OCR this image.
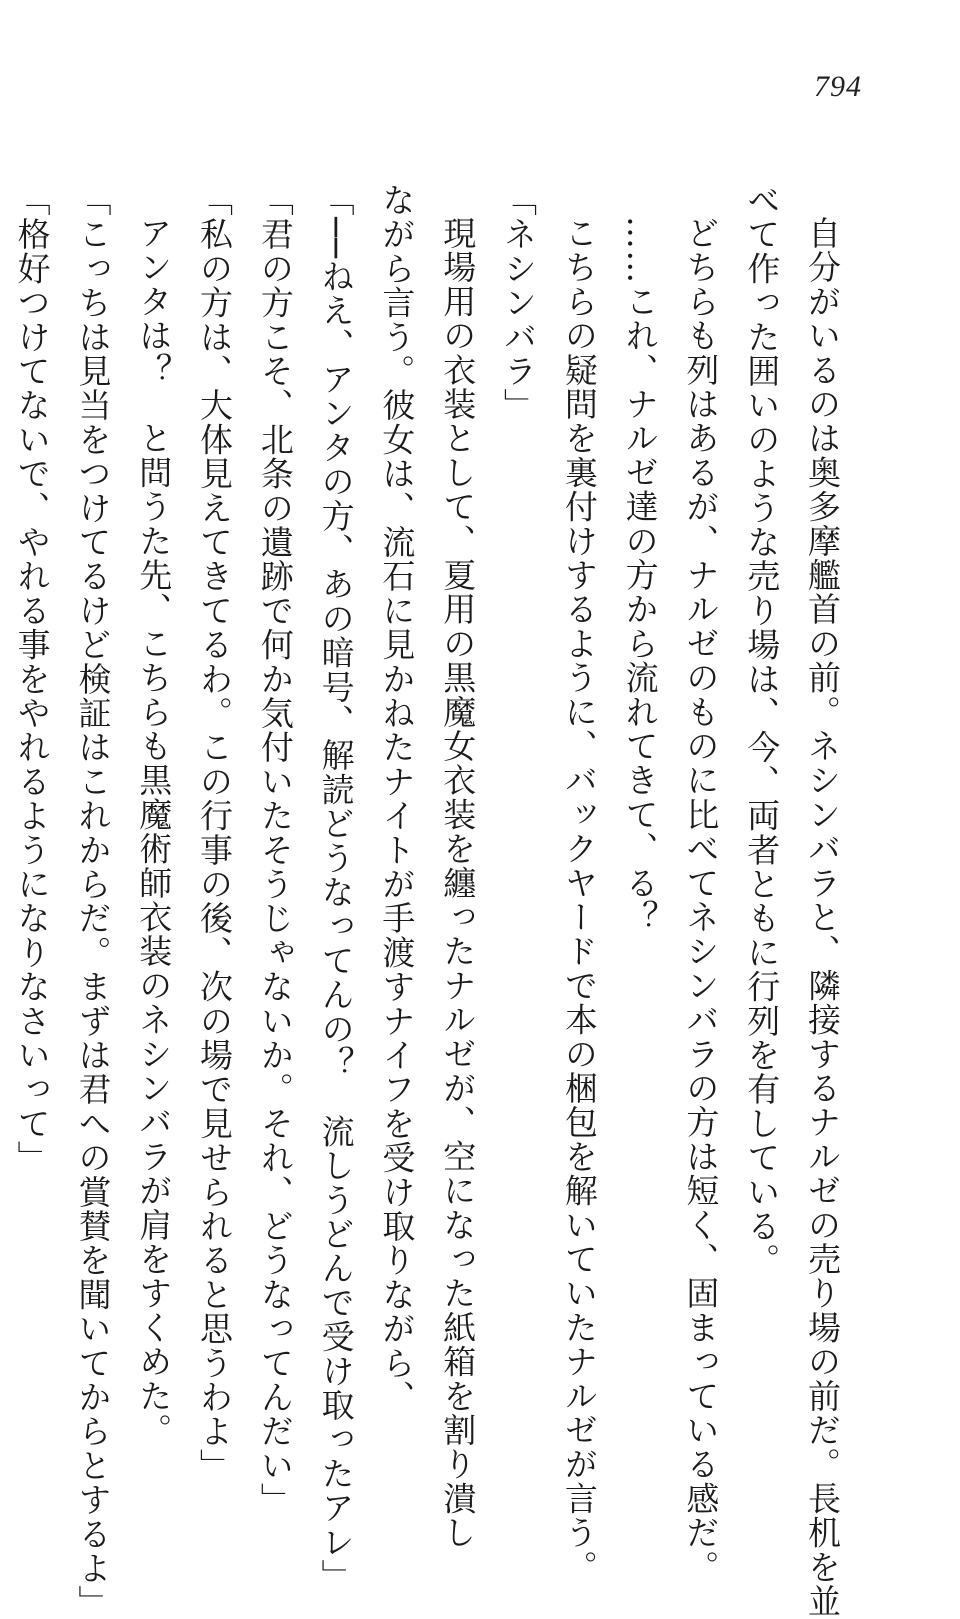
794
自分がいるのは奥多摩艦首の前。ネシンバラと、隣接するナルゼの売り場の前だ。長机を並
べて作った囲いのような売り場は、今、両者ともに行列を有している。
どちらも列はあるが、ナルゼのものに比べてネシンバラの方は短く、固まっている感だ。
……これ、ナルゼ達の方から流れてきて、る？
こちらの疑問を裏付けするように、バックヤードで本の梱包を解いていたナルゼが言う。
「ネシンバラ」
現場用の衣装として、夏用の黒魔女衣装を纏ったナルゼが、空になった紙箱を割り潰し
ながら言う。彼女は、流石に見かねたナイトが手渡すナイフを受け取りながら、
「──ねえ、アンタの方、あの暗号、解読どうなってんの？　流しうどんで受け取ったアレ」
「君の方こそ、北条の遺跡で何か気付いたそうじゃないか。それ、どうなってんだい」
「私の方は、大体見えてきてるわ。この行事の後、次の場で見せられると思うわよ」
アンタは？　と問うた先、こちらも黒魔術師衣装のネシンバラが肩をすくめた。
「こっちは見当をつけてるけど検証はこれからだ。まずは君への賞賛を聞いてからとするよ」
「格好つけてないで、やれる事をやれるようになりなさいって」
